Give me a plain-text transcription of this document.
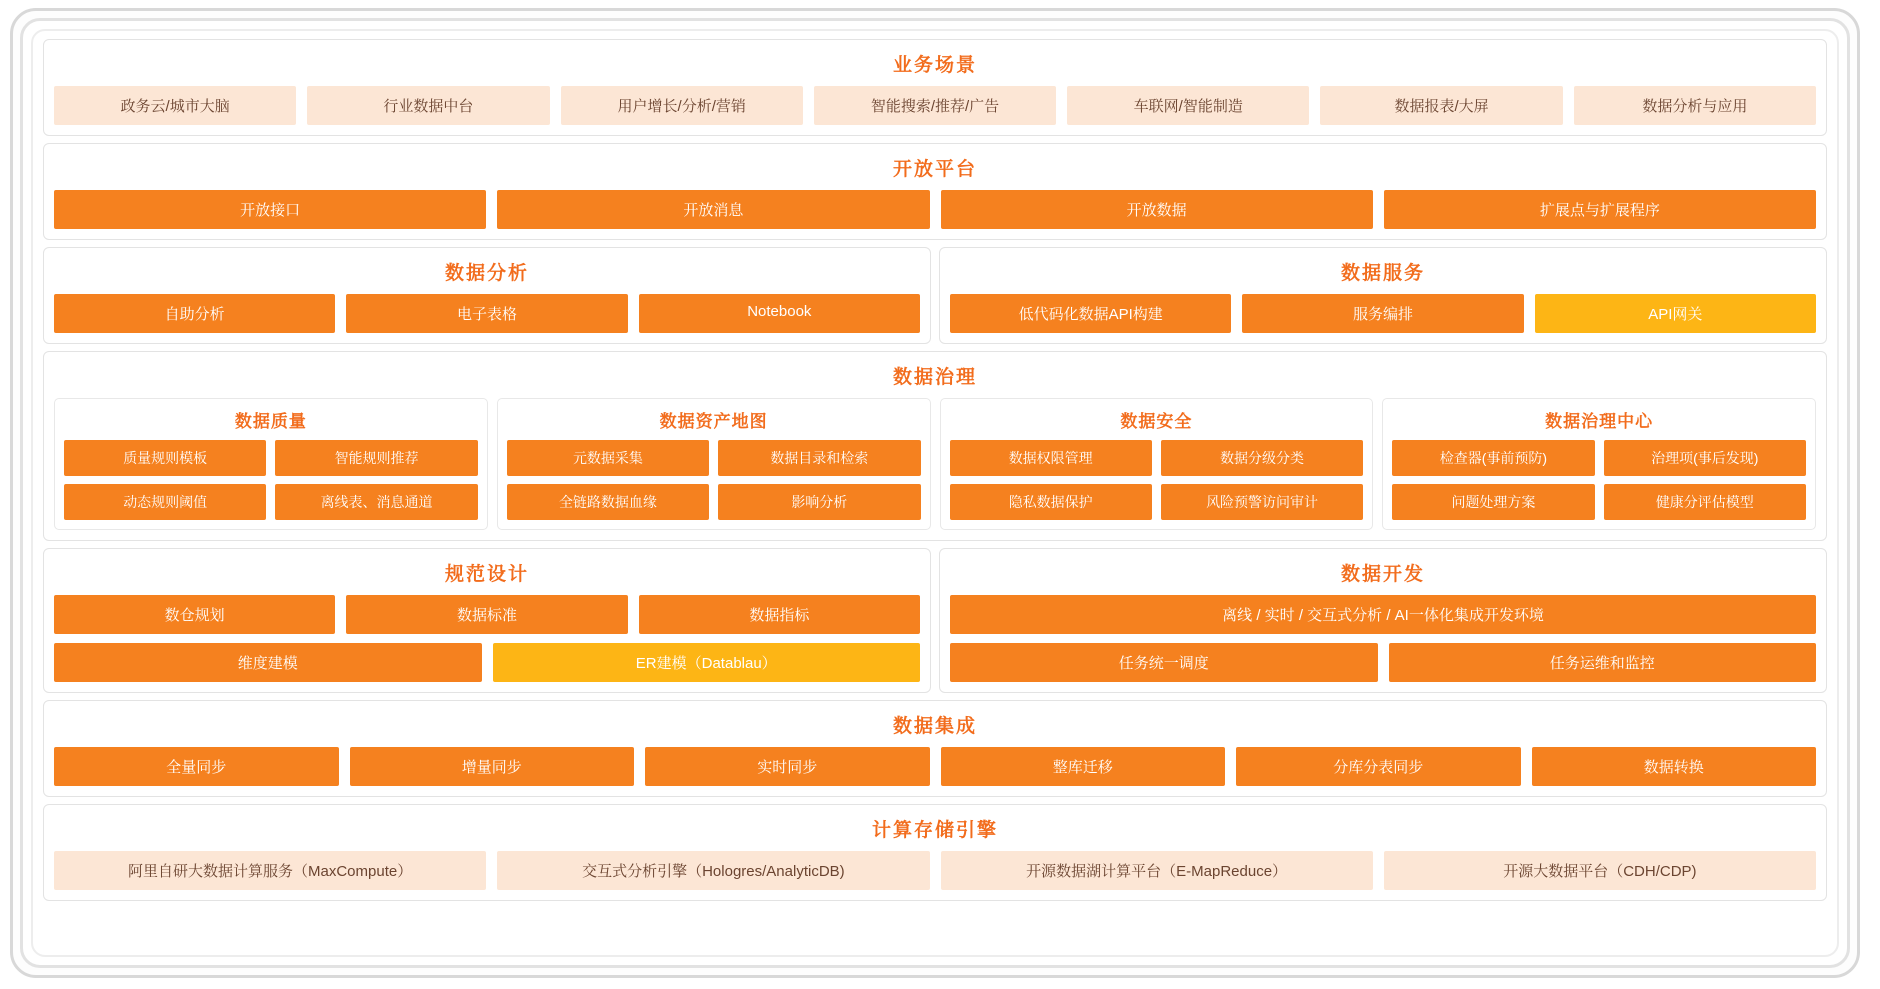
业务场景
政务云/城市大脑	行业数据中台	用户增长/分析/营销	智能搜索/推荐/广告	车联网/智能制造	数据报表/大屏	数据分析与应用
开放平台
开放接口	开放消息	开放数据	扩展点与扩展程序
数据分析
自助分析	电子表格	Notebook
数据服务
低代码化数据API构建	服务编排	API网关
数据治理
数据质量
质量规则模板	智能规则推荐
动态规则阈值	离线表、消息通道
数据资产地图
元数据采集	数据目录和检索
全链路数据血缘	影响分析
数据安全
数据权限管理	数据分级分类
隐私数据保护	风险预警访问审计
数据治理中心
检查器(事前预防)	治理项(事后发现)
问题处理方案	健康分评估模型
规范设计
数仓规划	数据标准	数据指标
维度建模	ER建模（Datablau）
数据开发
离线 / 实时 / 交互式分析 / AI一体化集成开发环境
任务统一调度	任务运维和监控
数据集成
全量同步	增量同步	实时同步	整库迁移	分库分表同步	数据转换
计算存储引擎
阿里自研大数据计算服务（MaxCompute）	交互式分析引擎（Hologres/AnalyticDB)	开源数据湖计算平台（E-MapReduce）	开源大数据平台（CDH/CDP)
